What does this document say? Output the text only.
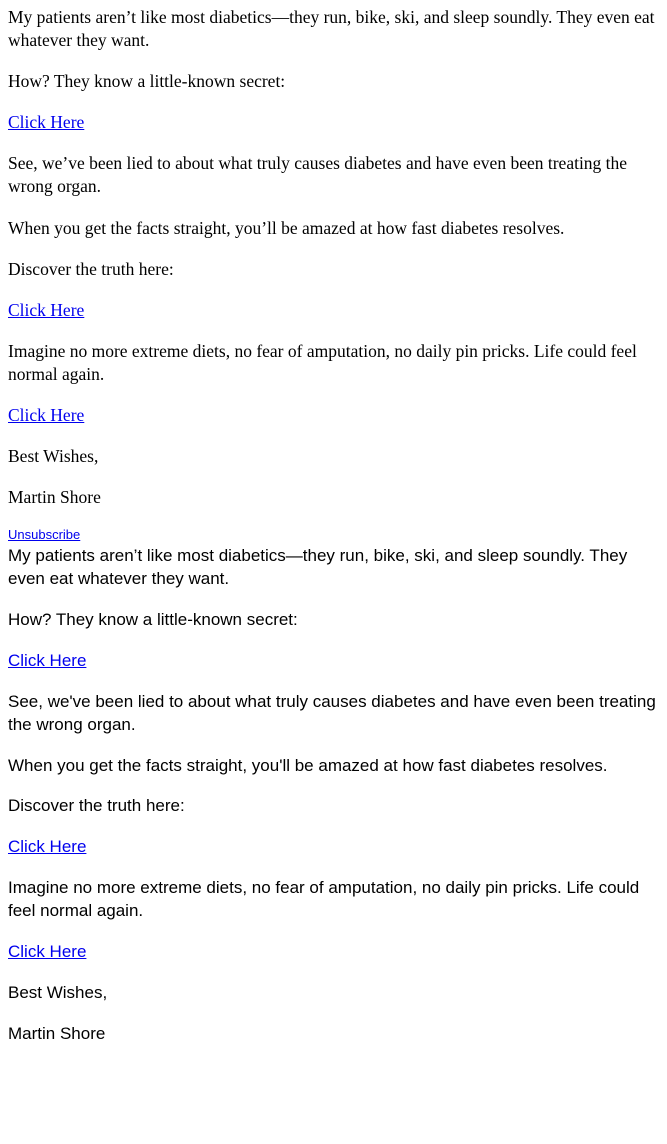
My patients aren’t like most diabetics—they run, bike, ski, and sleep soundly. They even eat whatever they want.

How? They know a little-known secret:

Click Here

See, we’ve been lied to about what truly causes diabetes and have even been treating the wrong organ.

When you get the facts straight, you’ll be amazed at how fast diabetes resolves.

Discover the truth here:

Click Here

Imagine no more extreme diets, no fear of amputation, no daily pin pricks. Life could feel normal again.

Click Here

Best Wishes,

Martin Shore

Unsubscribe

My patients aren’t like most diabetics—they run, bike, ski, and sleep soundly. They even eat whatever they want.

How? They know a little-known secret:

Click Here

See, we've been lied to about what truly causes diabetes and have even been treating the wrong organ.

When you get the facts straight, you'll be amazed at how fast diabetes resolves.

Discover the truth here:

Click Here

Imagine no more extreme diets, no fear of amputation, no daily pin pricks. Life could feel normal again.

Click Here

Best Wishes,

Martin Shore
